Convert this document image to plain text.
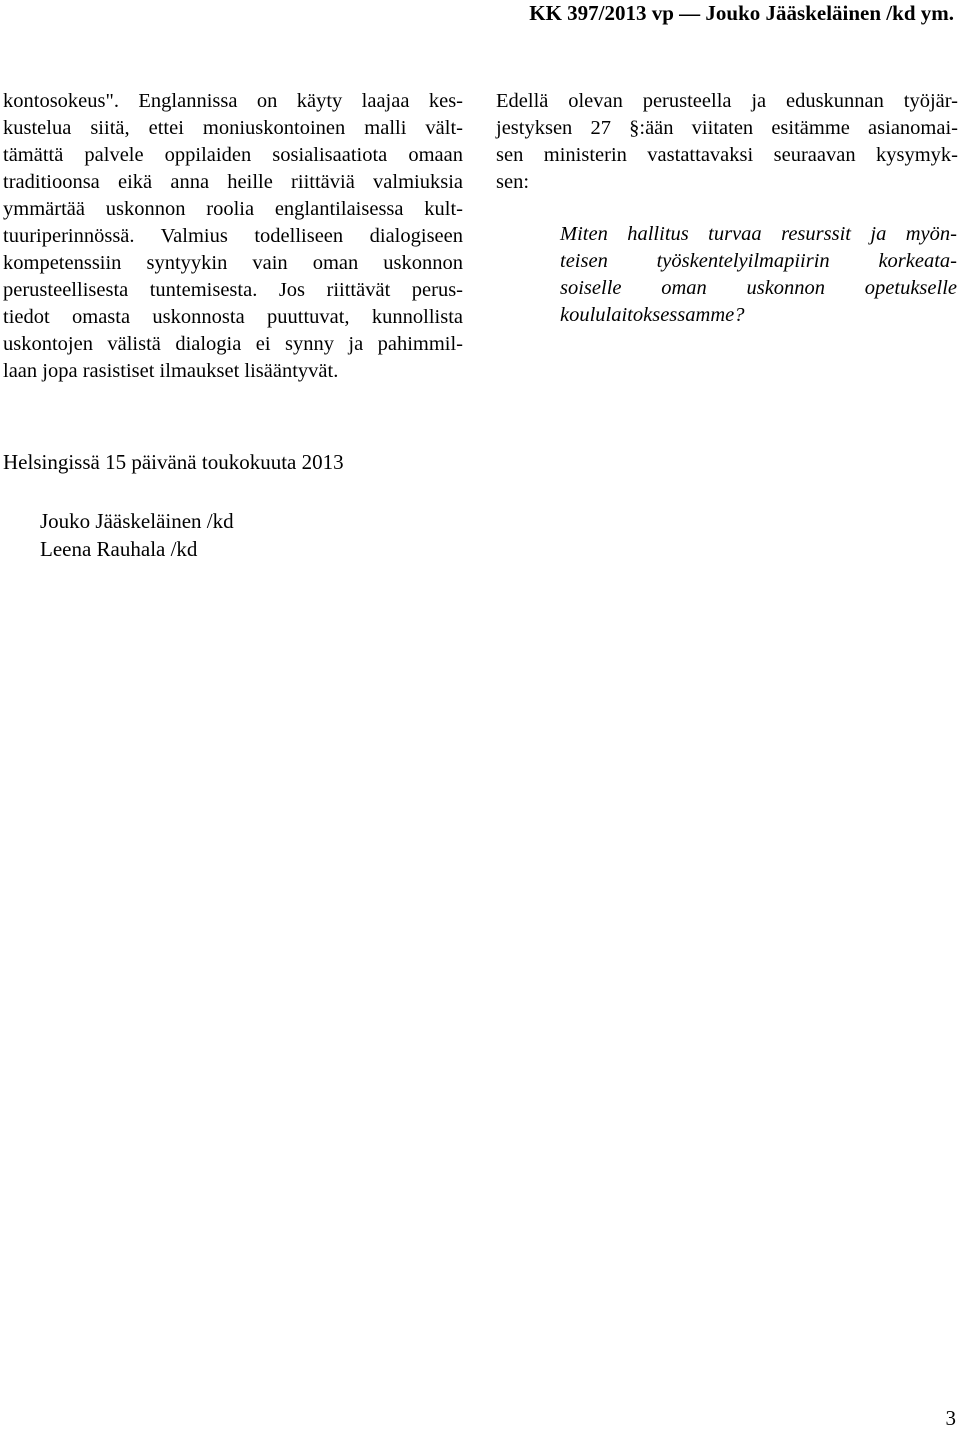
KK 397/2013 vp — Jouko Jääskeläinen /kd ym.
kontosokeus". Englannissa on käyty laajaa kes-
kustelua siitä, ettei moniuskontoinen malli vält-
tämättä palvele oppilaiden sosialisaatiota omaan
traditioonsa eikä anna heille riittäviä valmiuksia
ymmärtää uskonnon roolia englantilaisessa kult-
tuuriperinnössä. Valmius todelliseen dialogiseen
kompetenssiin syntyykin vain oman uskonnon
perusteellisesta tuntemisesta. Jos riittävät perus-
tiedot omasta uskonnosta puuttuvat, kunnollista
uskontojen välistä dialogia ei synny ja pahimmil-
laan jopa rasistiset ilmaukset lisääntyvät.
Edellä olevan perusteella ja eduskunnan työjär-
jestyksen 27 §:ään viitaten esitämme asianomai-
sen ministerin vastattavaksi seuraavan kysymyk-
sen:
Miten hallitus turvaa resurssit ja myön-
teisen työskentelyilmapiirin korkeata-
soiselle oman uskonnon opetukselle
koululaitoksessamme?
Helsingissä 15 päivänä toukokuuta 2013
Jouko Jääskeläinen /kd
Leena Rauhala /kd
3
